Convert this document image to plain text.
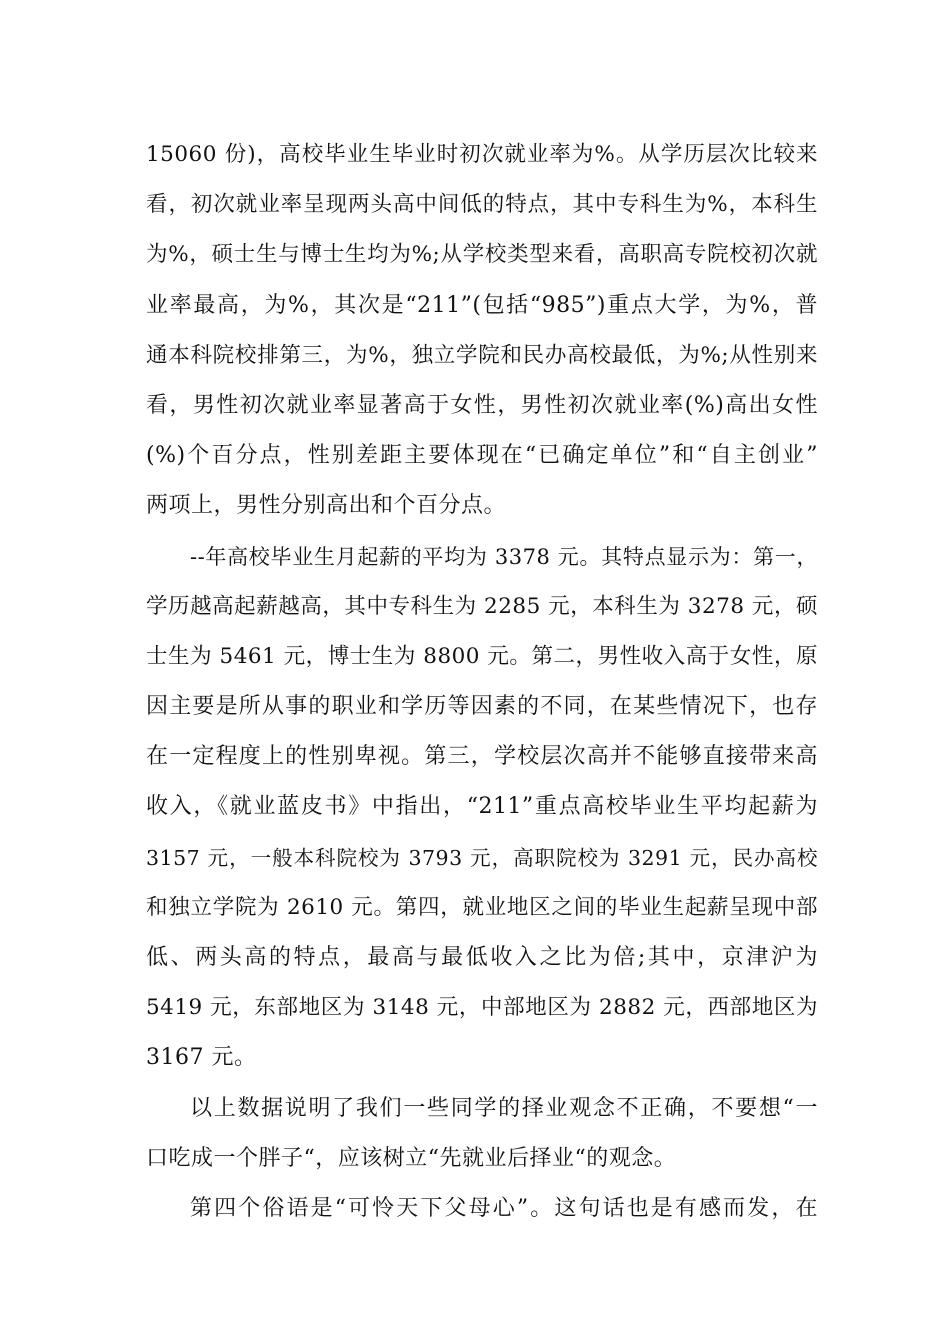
15060 份)，高校毕业生毕业时初次就业率为%。从学历层次比较来
看，初次就业率呈现两头高中间低的特点，其中专科生为%，本科生
为%，硕士生与博士生均为%;从学校类型来看，高职高专院校初次就
业率最高，为%，其次是“211”(包括“985”)重点大学，为%，普
通本科院校排第三，为%，独立学院和民办高校最低，为%;从性别来
看，男性初次就业率显著高于女性，男性初次就业率(%)高出女性
(%)个百分点，性别差距主要体现在“已确定单位”和“自主创业”
两项上，男性分别高出和个百分点。
--年高校毕业生月起薪的平均为 3378 元。其特点显示为：第一，
学历越高起薪越高，其中专科生为 2285 元，本科生为 3278 元，硕
士生为 5461 元，博士生为 8800 元。第二，男性收入高于女性，原
因主要是所从事的职业和学历等因素的不同，在某些情况下，也存
在一定程度上的性别卑视。第三，学校层次高并不能够直接带来高
收入，《就业蓝皮书》中指出，“211”重点高校毕业生平均起薪为
3157 元，一般本科院校为 3793 元，高职院校为 3291 元，民办高校
和独立学院为 2610 元。第四，就业地区之间的毕业生起薪呈现中部
低、两头高的特点，最高与最低收入之比为倍;其中，京津沪为
5419 元，东部地区为 3148 元，中部地区为 2882 元，西部地区为
3167 元。
以上数据说明了我们一些同学的择业观念不正确，不要想“一
口吃成一个胖子“，应该树立“先就业后择业“的观念。
第四个俗语是“可怜天下父母心”。这句话也是有感而发，在
